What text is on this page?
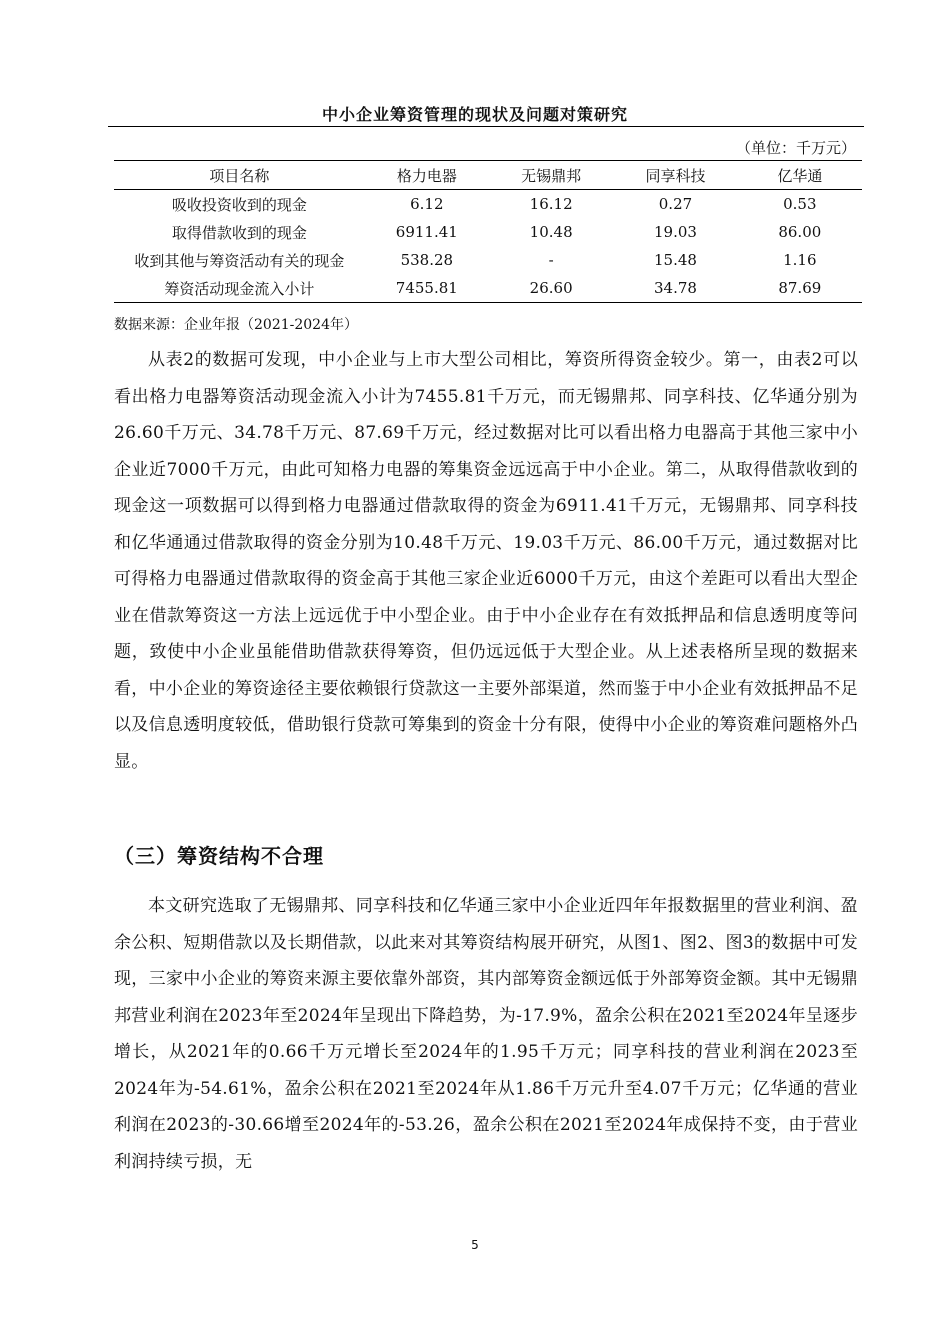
中小企业筹资管理的现状及问题对策研究
（单位：千万元）
项目名称	格力电器	无锡鼎邦	同享科技	亿华通
吸收投资收到的现金	6.12	16.12	0.27	0.53
取得借款收到的现金	6911.41	10.48	19.03	86.00
收到其他与筹资活动有关的现金	538.28	-	15.48	1.16
筹资活动现金流入小计	7455.81	26.60	34.78	87.69
数据来源：企业年报（2021-2024年）

从表2的数据可发现，中小企业与上市大型公司相比，筹资所得资金较少。第一，由表2可以看出格力电器筹资活动现金流入小计为7455.81千万元，而无锡鼎邦、同享科技、亿华通分别为26.60千万元、34.78千万元、87.69千万元，经过数据对比可以看出格力电器高于其他三家中小企业近7000千万元，由此可知格力电器的筹集资金远远高于中小企业。第二，从取得借款收到的现金这一项数据可以得到格力电器通过借款取得的资金为6911.41千万元，无锡鼎邦、同享科技和亿华通通过借款取得的资金分别为10.48千万元、19.03千万元、86.00千万元，通过数据对比可得格力电器通过借款取得的资金高于其他三家企业近6000千万元，由这个差距可以看出大型企业在借款筹资这一方法上远远优于中小型企业。由于中小企业存在有效抵押品和信息透明度等问题，致使中小企业虽能借助借款获得筹资，但仍远远低于大型企业。从上述表格所呈现的数据来看，中小企业的筹资途径主要依赖银行贷款这一主要外部渠道，然而鉴于中小企业有效抵押品不足以及信息透明度较低，借助银行贷款可筹集到的资金十分有限，使得中小企业的筹资难问题格外凸显。

（三）筹资结构不合理

本文研究选取了无锡鼎邦、同享科技和亿华通三家中小企业近四年年报数据里的营业利润、盈余公积、短期借款以及长期借款，以此来对其筹资结构展开研究，从图1、图2、图3的数据中可发现，三家中小企业的筹资来源主要依靠外部资，其内部筹资金额远低于外部筹资金额。其中无锡鼎邦营业利润在2023年至2024年呈现出下降趋势，为-17.9%，盈余公积在2021至2024年呈逐步增长，从2021年的0.66千万元增长至2024年的1.95千万元；同享科技的营业利润在2023至2024年为-54.61%，盈余公积在2021至2024年从1.86千万元升至4.07千万元；亿华通的营业利润在2023的-30.66增至2024年的-53.26，盈余公积在2021至2024年成保持不变，由于营业利润持续亏损，无

5
